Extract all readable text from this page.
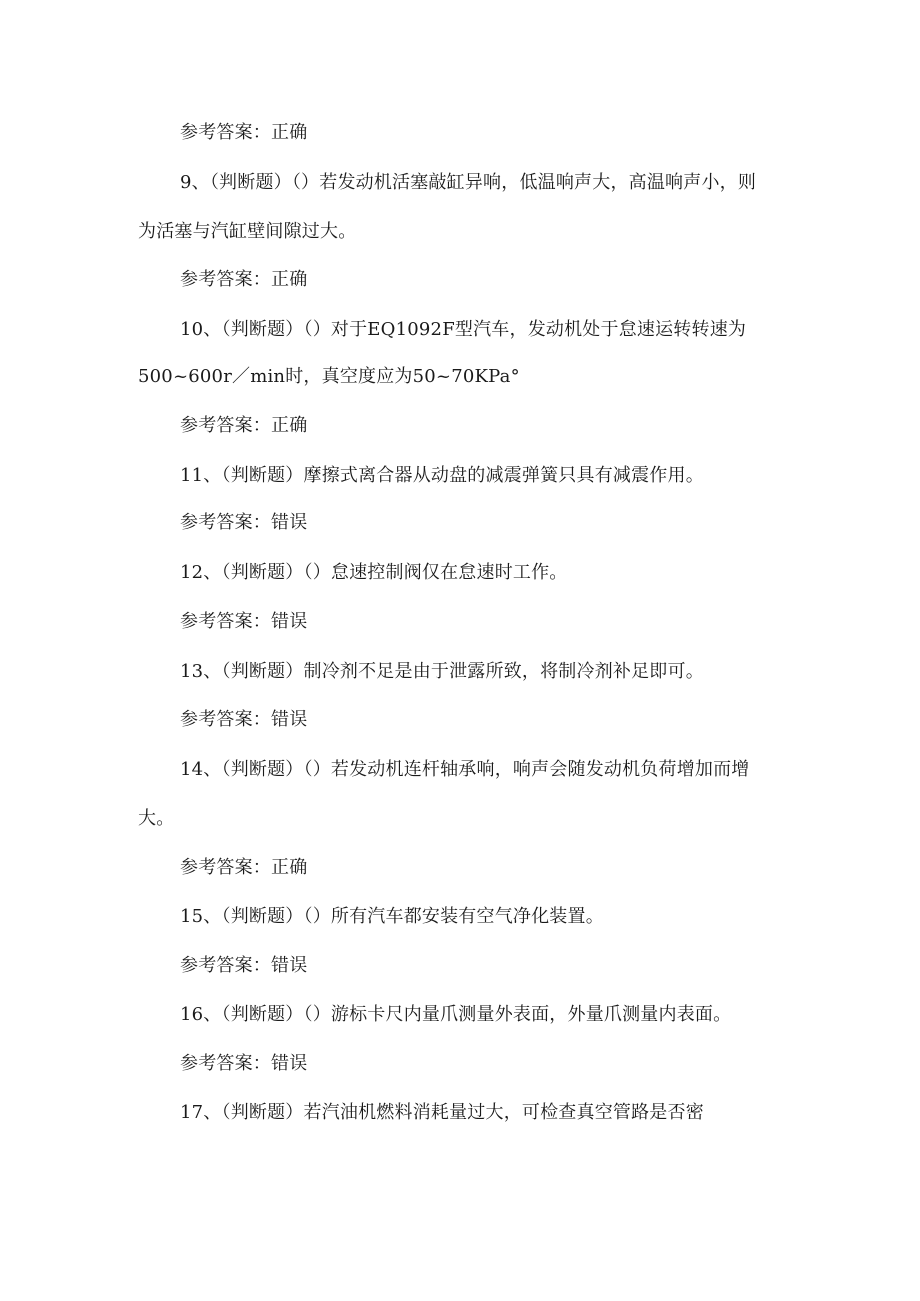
参考答案：正确
9、（判断题）（）若发动机活塞敲缸异响，低温响声大，高温响声小，则
为活塞与汽缸壁间隙过大。
参考答案：正确
10、（判断题）（）对于EQ1092F型汽车，发动机处于怠速运转转速为
500~600r／min时，真空度应为50~70KPa°
参考答案：正确
11、（判断题）摩擦式离合器从动盘的减震弹簧只具有减震作用。
参考答案：错误
12、（判断题）（）怠速控制阀仅在怠速时工作。
参考答案：错误
13、（判断题）制冷剂不足是由于泄露所致，将制冷剂补足即可。
参考答案：错误
14、（判断题）（）若发动机连杆轴承响，响声会随发动机负荷增加而增
大。
参考答案：正确
15、（判断题）（）所有汽车都安装有空气净化装置。
参考答案：错误
16、（判断题）（）游标卡尺内量爪测量外表面，外量爪测量内表面。
参考答案：错误
17、（判断题）若汽油机燃料消耗量过大，可检查真空管路是否密
